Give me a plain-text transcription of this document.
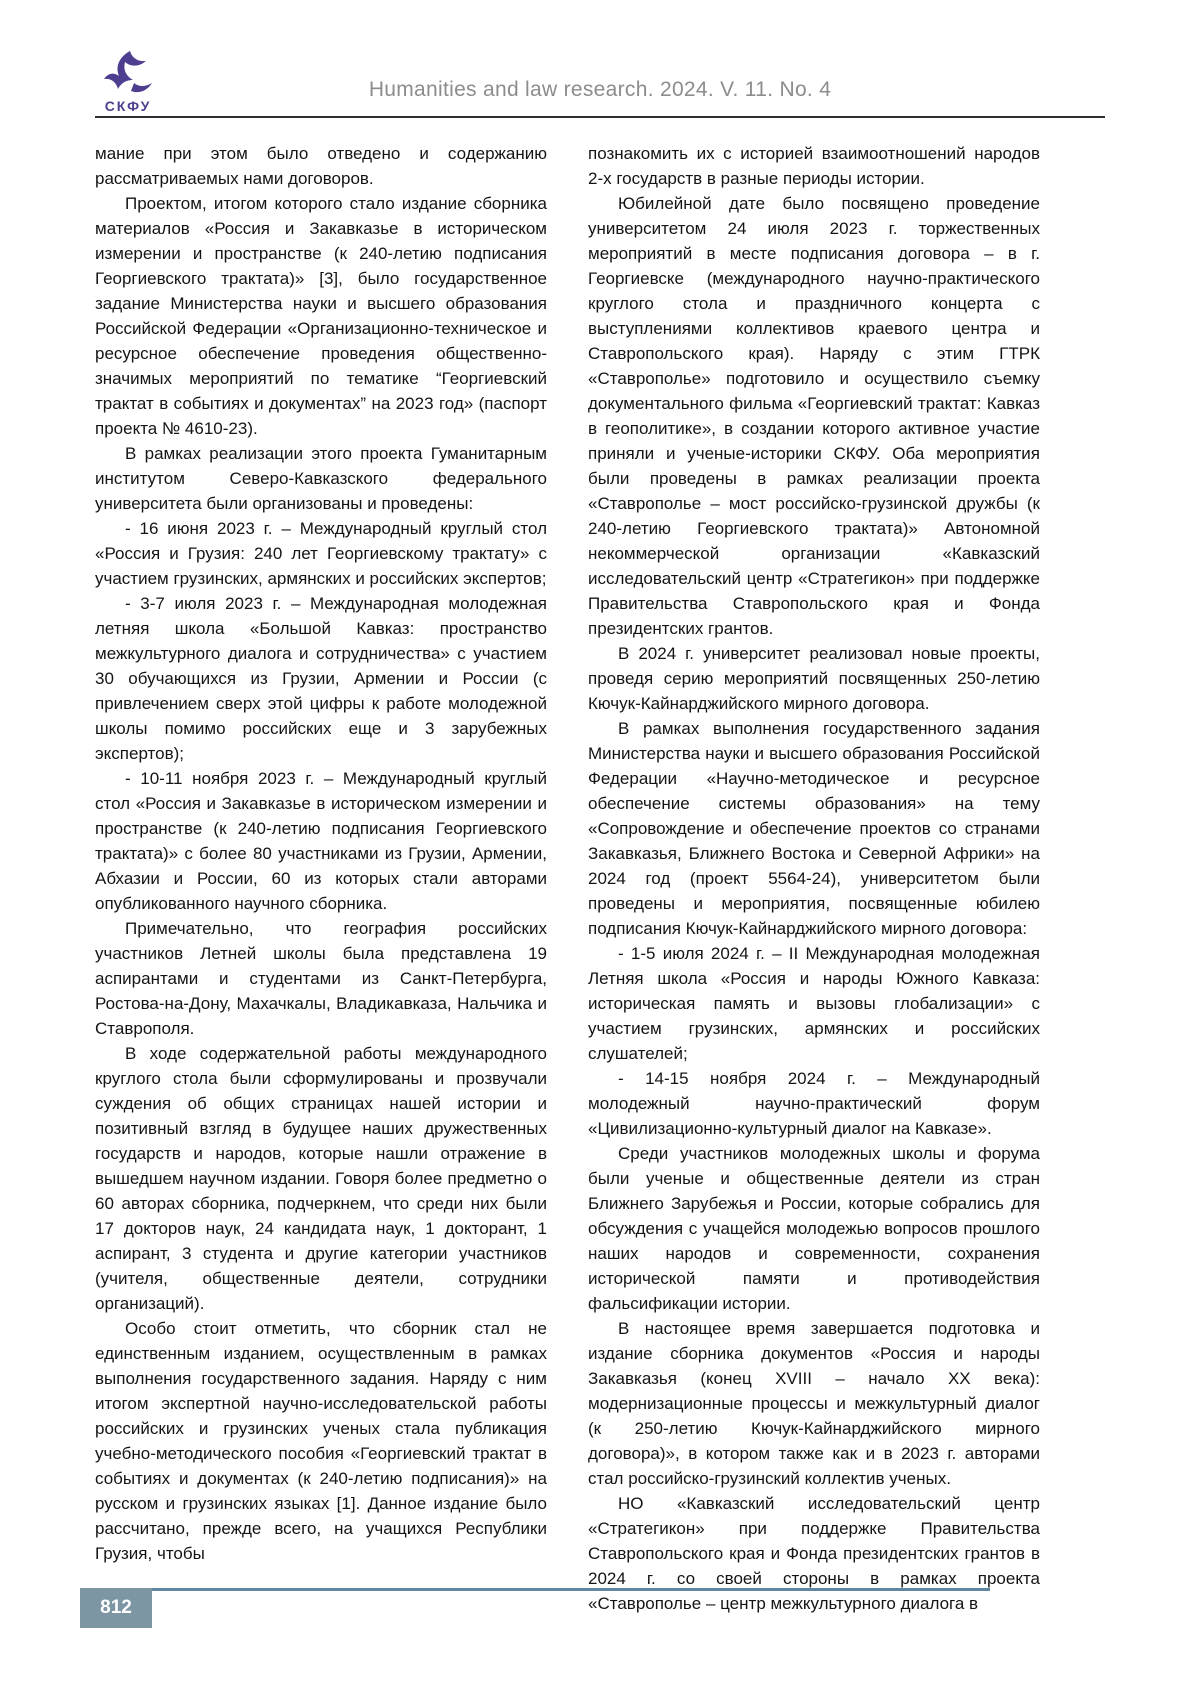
СКФУ
Humanities and law research. 2024. V. 11. No. 4

мание при этом было отведено и содержанию рассматриваемых нами договоров.

Проектом, итогом которого стало издание сборника материалов «Россия и Закавказье в историческом измерении и пространстве (к 240-летию подписания Георгиевского трактата)» [3], было государственное задание Министерства науки и высшего образования Российской Федерации «Организационно-техническое и ресурсное обеспечение проведения общественно-значимых мероприятий по тематике “Георгиевский трактат в событиях и документах” на 2023 год» (паспорт проекта № 4610-23).

В рамках реализации этого проекта Гуманитарным институтом Северо-Кавказского федерального университета были организованы и проведены:

- 16 июня 2023 г. – Международный круглый стол «Россия и Грузия: 240 лет Георгиевскому трактату» с участием грузинских, армянских и российских экспертов;

- 3-7 июля 2023 г. – Международная молодежная летняя школа «Большой Кавказ: пространство межкультурного диалога и сотрудничества» с участием 30 обучающихся из Грузии, Армении и России (с привлечением сверх этой цифры к работе молодежной школы помимо российских еще и 3 зарубежных экспертов);

- 10-11 ноября 2023 г. – Международный круглый стол «Россия и Закавказье в историческом измерении и пространстве (к 240-летию подписания Георгиевского трактата)» с более 80 участниками из Грузии, Армении, Абхазии и России, 60 из которых стали авторами опубликованного научного сборника.

Примечательно, что география российских участников Летней школы была представлена 19 аспирантами и студентами из Санкт-Петербурга, Ростова-на-Дону, Махачкалы, Владикавказа, Нальчика и Ставрополя.

В ходе содержательной работы международного круглого стола были сформулированы и прозвучали суждения об общих страницах нашей истории и позитивный взгляд в будущее наших дружественных государств и народов, которые нашли отражение в вышедшем научном издании. Говоря более предметно о 60 авторах сборника, подчеркнем, что среди них были 17 докторов наук, 24 кандидата наук, 1 докторант, 1 аспирант, 3 студента и другие категории участников (учителя, общественные деятели, сотрудники организаций).

Особо стоит отметить, что сборник стал не единственным изданием, осуществленным в рамках выполнения государственного задания. Наряду с ним итогом экспертной научно-исследовательской работы российских и грузинских ученых стала публикация учебно-методического пособия «Георгиевский трактат в событиях и документах (к 240-летию подписания)» на русском и грузинских языках [1]. Данное издание было рассчитано, прежде всего, на учащихся Республики Грузия, чтобы

познакомить их с историей взаимоотношений народов 2-х государств в разные периоды истории.

Юбилейной дате было посвящено проведение университетом 24 июля 2023 г. торжественных мероприятий в месте подписания договора – в г. Георгиевске (международного научно-практического круглого стола и праздничного концерта с выступлениями коллективов краевого центра и Ставропольского края). Наряду с этим ГТРК «Ставрополье» подготовило и осуществило съемку документального фильма «Георгиевский трактат: Кавказ в геополитике», в создании которого активное участие приняли и ученые-историки СКФУ. Оба мероприятия были проведены в рамках реализации проекта «Ставрополье – мост российско-грузинской дружбы (к 240-летию Георгиевского трактата)» Автономной некоммерческой организации «Кавказский исследовательский центр «Стратегикон» при поддержке Правительства Ставропольского края и Фонда президентских грантов.

В 2024 г. университет реализовал новые проекты, проведя серию мероприятий посвященных 250-летию Кючук-Кайнарджийского мирного договора.

В рамках выполнения государственного задания Министерства науки и высшего образования Российской Федерации «Научно-методическое и ресурсное обеспечение системы образования» на тему «Сопровождение и обеспечение проектов со странами Закавказья, Ближнего Востока и Северной Африки» на 2024 год (проект 5564-24), университетом были проведены и мероприятия, посвященные юбилею подписания Кючук-Кайнарджийского мирного договора:

- 1-5 июля 2024 г. – II Международная молодежная Летняя школа «Россия и народы Южного Кавказа: историческая память и вызовы глобализации» с участием грузинских, армянских и российских слушателей;

- 14-15 ноября 2024 г. – Международный молодежный научно-практический форум «Цивилизационно-культурный диалог на Кавказе».

Среди участников молодежных школы и форума были ученые и общественные деятели из стран Ближнего Зарубежья и России, которые собрались для обсуждения с учащейся молодежью вопросов прошлого наших народов и современности, сохранения исторической памяти и противодействия фальсификации истории.

В настоящее время завершается подготовка и издание сборника документов «Россия и народы Закавказья (конец XVIII – начало XX века): модернизационные процессы и межкультурный диалог (к 250-летию Кючук-Кайнарджийского мирного договора)», в котором также как и в 2023 г. авторами стал российско-грузинский коллектив ученых.

НО «Кавказский исследовательский центр «Стратегикон» при поддержке Правительства Ставропольского края и Фонда президентских грантов в 2024 г. со своей стороны в рамках проекта «Ставрополье – центр межкультурного диалога в

812
